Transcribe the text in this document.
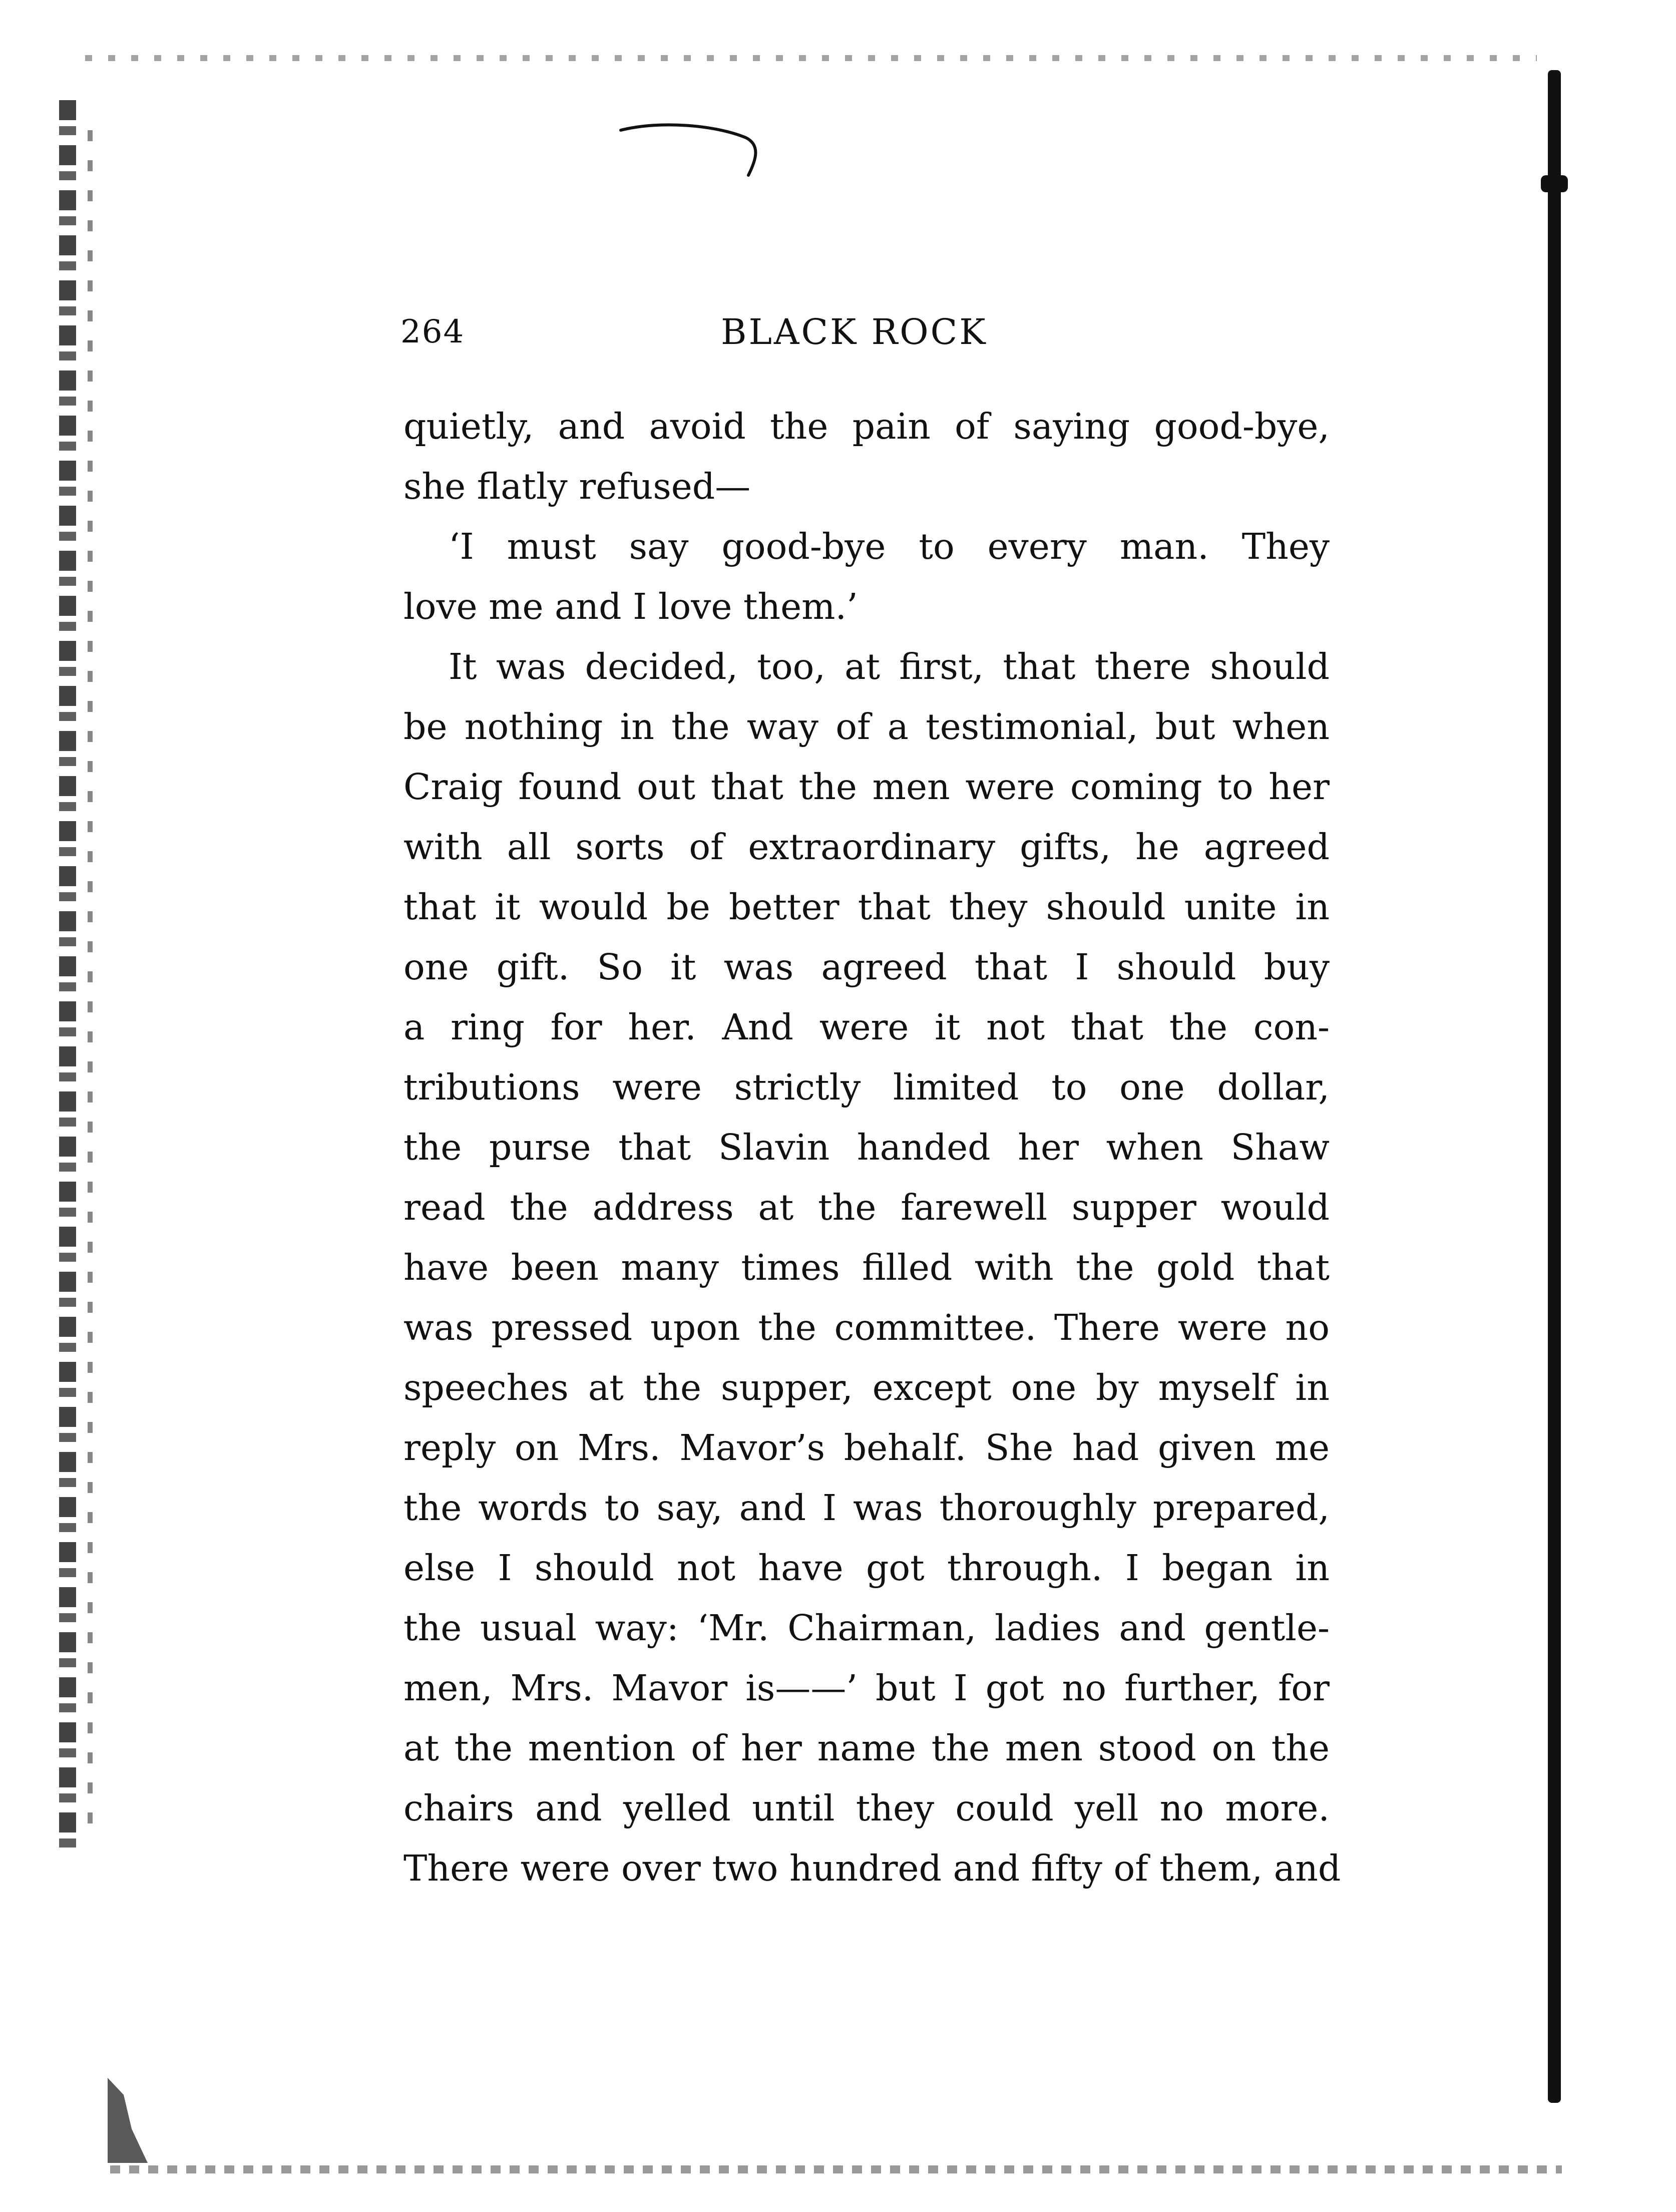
264	BLACK ROCK
quietly, and avoid the pain of saying good-bye,
she flatly refused—
‘I must say good-bye to every man. They
love me and I love them.’
It was decided, too, at first, that there should
be nothing in the way of a testimonial, but when
Craig found out that the men were coming to her
with all sorts of extraordinary gifts, he agreed
that it would be better that they should unite in
one gift. So it was agreed that I should buy
a ring for her. And were it not that the con-
tributions were strictly limited to one dollar,
the purse that Slavin handed her when Shaw
read the address at the farewell supper would
have been many times filled with the gold that
was pressed upon the committee. There were no
speeches at the supper, except one by myself in
reply on Mrs. Mavor’s behalf. She had given me
the words to say, and I was thoroughly prepared,
else I should not have got through. I began in
the usual way: ‘Mr. Chairman, ladies and gentle-
men, Mrs. Mavor is——’ but I got no further, for
at the mention of her name the men stood on the
chairs and yelled until they could yell no more.
There were over two hundred and fifty of them, and
